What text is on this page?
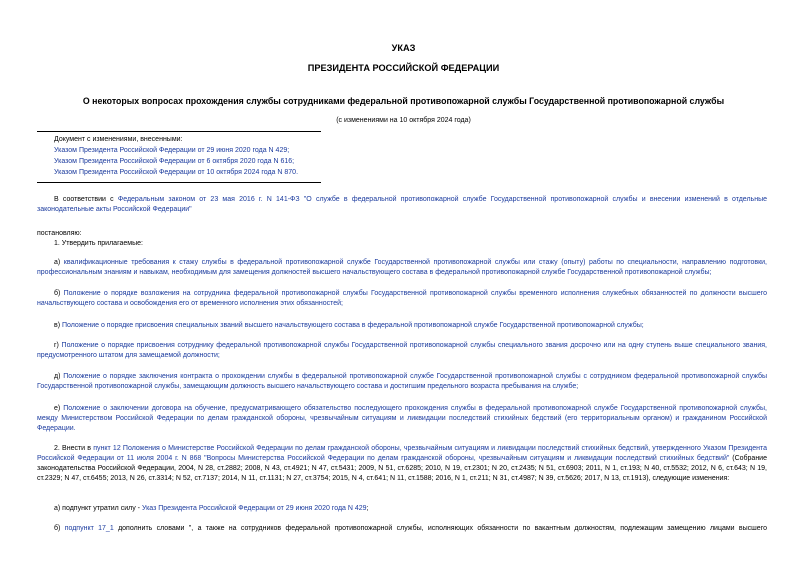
УКАЗ
ПРЕЗИДЕНТА РОССИЙСКОЙ ФЕДЕРАЦИИ
О некоторых вопросах прохождения службы сотрудниками федеральной противопожарной службы Государственной противопожарной службы
(с изменениями на 10 октября 2024 года)
Документ с изменениями, внесенными:
Указом Президента Российской Федерации от 29 июня 2020 года N 429;
Указом Президента Российской Федерации от 6 октября 2020 года N 616;
Указом Президента Российской Федерации от 10 октября 2024 года N 870.
В соответствии с Федеральным законом от 23 мая 2016 г. N 141-ФЗ "О службе в федеральной противопожарной службе Государственной противопожарной службы и внесении изменений в отдельные законодательные акты Российской Федерации"
постановляю:
1. Утвердить прилагаемые:
а) квалификационные требования к стажу службы в федеральной противопожарной службе Государственной противопожарной службы или стажу (опыту) работы по специальности, направлению подготовки, профессиональным знаниям и навыкам, необходимым для замещения должностей высшего начальствующего состава в федеральной противопожарной службе Государственной противопожарной службы;
б) Положение о порядке возложения на сотрудника федеральной противопожарной службы Государственной противопожарной службы временного исполнения служебных обязанностей по должности высшего начальствующего состава и освобождения его от временного исполнения этих обязанностей;
в) Положение о порядке присвоения специальных званий высшего начальствующего состава в федеральной противопожарной службе Государственной противопожарной службы;
г) Положение о порядке присвоения сотруднику федеральной противопожарной службы Государственной противопожарной службы специального звания досрочно или на одну ступень выше специального звания, предусмотренного штатом для замещаемой должности;
д) Положение о порядке заключения контракта о прохождении службы в федеральной противопожарной службе Государственной противопожарной службы с сотрудником федеральной противопожарной службы Государственной противопожарной службы, замещающим должность высшего начальствующего состава и достигшим предельного возраста пребывания на службе;
е) Положение о заключении договора на обучение, предусматривающего обязательство последующего прохождения службы в федеральной противопожарной службе Государственной противопожарной службы, между Министерством Российской Федерации по делам гражданской обороны, чрезвычайным ситуациям и ликвидации последствий стихийных бедствий (его территориальным органом) и гражданином Российской Федерации.
2. Внести в пункт 12 Положения о Министерстве Российской Федерации по делам гражданской обороны, чрезвычайным ситуациям и ликвидации последствий стихийных бедствий, утвержденного Указом Президента Российской Федерации от 11 июля 2004 г. N 868 "Вопросы Министерства Российской Федерации по делам гражданской обороны, чрезвычайным ситуациям и ликвидации последствий стихийных бедствий" (Собрание законодательства Российской Федерации, 2004, N 28, ст.2882; 2008, N 43, ст.4921; N 47, ст.5431; 2009, N 51, ст.6285; 2010, N 19, ст.2301; N 20, ст.2435; N 51, ст.6903; 2011, N 1, ст.193; N 40, ст.5532; 2012, N 6, ст.643; N 19, ст.2329; N 47, ст.6455; 2013, N 26, ст.3314; N 52, ст.7137; 2014, N 11, ст.1131; N 27, ст.3754; 2015, N 4, ст.641; N 11, ст.1588; 2016, N 1, ст.211; N 31, ст.4987; N 39, ст.5626; 2017, N 13, ст.1913), следующие изменения:
а) подпункт утратил силу - Указ Президента Российской Федерации от 29 июня 2020 года N 429;
б) подпункт 17_1 дополнить словами ", а также на сотрудников федеральной противопожарной службы, исполняющих обязанности по вакантным должностям, подлежащим замещению лицами высшего
